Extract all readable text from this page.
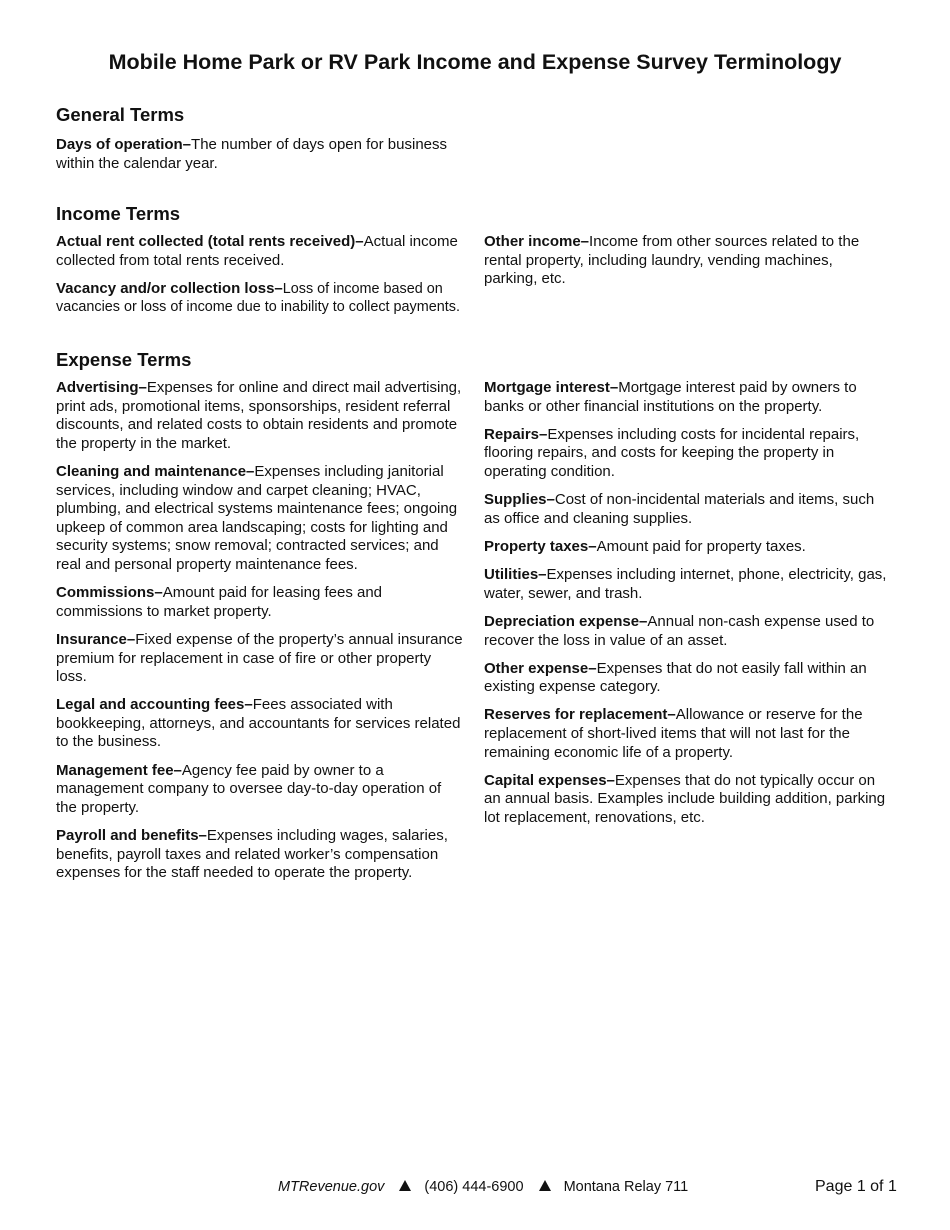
Mobile Home Park or RV Park Income and Expense Survey Terminology
General Terms

Days of operation–The number of days open for business within the calendar year.

Income Terms

Actual rent collected (total rents received)–Actual income collected from total rents received.

Vacancy and/or collection loss–Loss of income based on vacancies or loss of income due to inability to collect payments.

Other income–Income from other sources related to the rental property, including laundry, vending machines, parking, etc.

Expense Terms

Advertising–Expenses for online and direct mail advertising, print ads, promotional items, sponsorships, resident referral discounts, and related costs to obtain residents and promote the property in the market.

Cleaning and maintenance–Expenses including janitorial services, including window and carpet cleaning; HVAC, plumbing, and electrical systems maintenance fees; ongoing upkeep of common area landscaping; costs for lighting and security systems; snow removal; contracted services; and real and personal property maintenance fees.

Commissions–Amount paid for leasing fees and commissions to market property.

Insurance–Fixed expense of the property’s annual insurance premium for replacement in case of fire or other property loss.

Legal and accounting fees–Fees associated with bookkeeping, attorneys, and accountants for services related to the business.

Management fee–Agency fee paid by owner to a management company to oversee day-to-day operation of the property.

Payroll and benefits–Expenses including wages, salaries, benefits, payroll taxes and related worker’s compensation expenses for the staff needed to operate the property.

Mortgage interest–Mortgage interest paid by owners to banks or other financial institutions on the property.

Repairs–Expenses including costs for incidental repairs, flooring repairs, and costs for keeping the property in operating condition.

Supplies–Cost of non-incidental materials and items, such as office and cleaning supplies.

Property taxes–Amount paid for property taxes.

Utilities–Expenses including internet, phone, electricity, gas, water, sewer, and trash.

Depreciation expense–Annual non-cash expense used to recover the loss in value of an asset.

Other expense–Expenses that do not easily fall within an existing expense category.

Reserves for replacement–Allowance or reserve for the replacement of short-lived items that will not last for the remaining economic life of a property.

Capital expenses–Expenses that do not typically occur on an annual basis. Examples include building addition, parking lot replacement, renovations, etc.

MTRevenue.gov	(406) 444-6900	Montana Relay 711	Page 1 of 1
